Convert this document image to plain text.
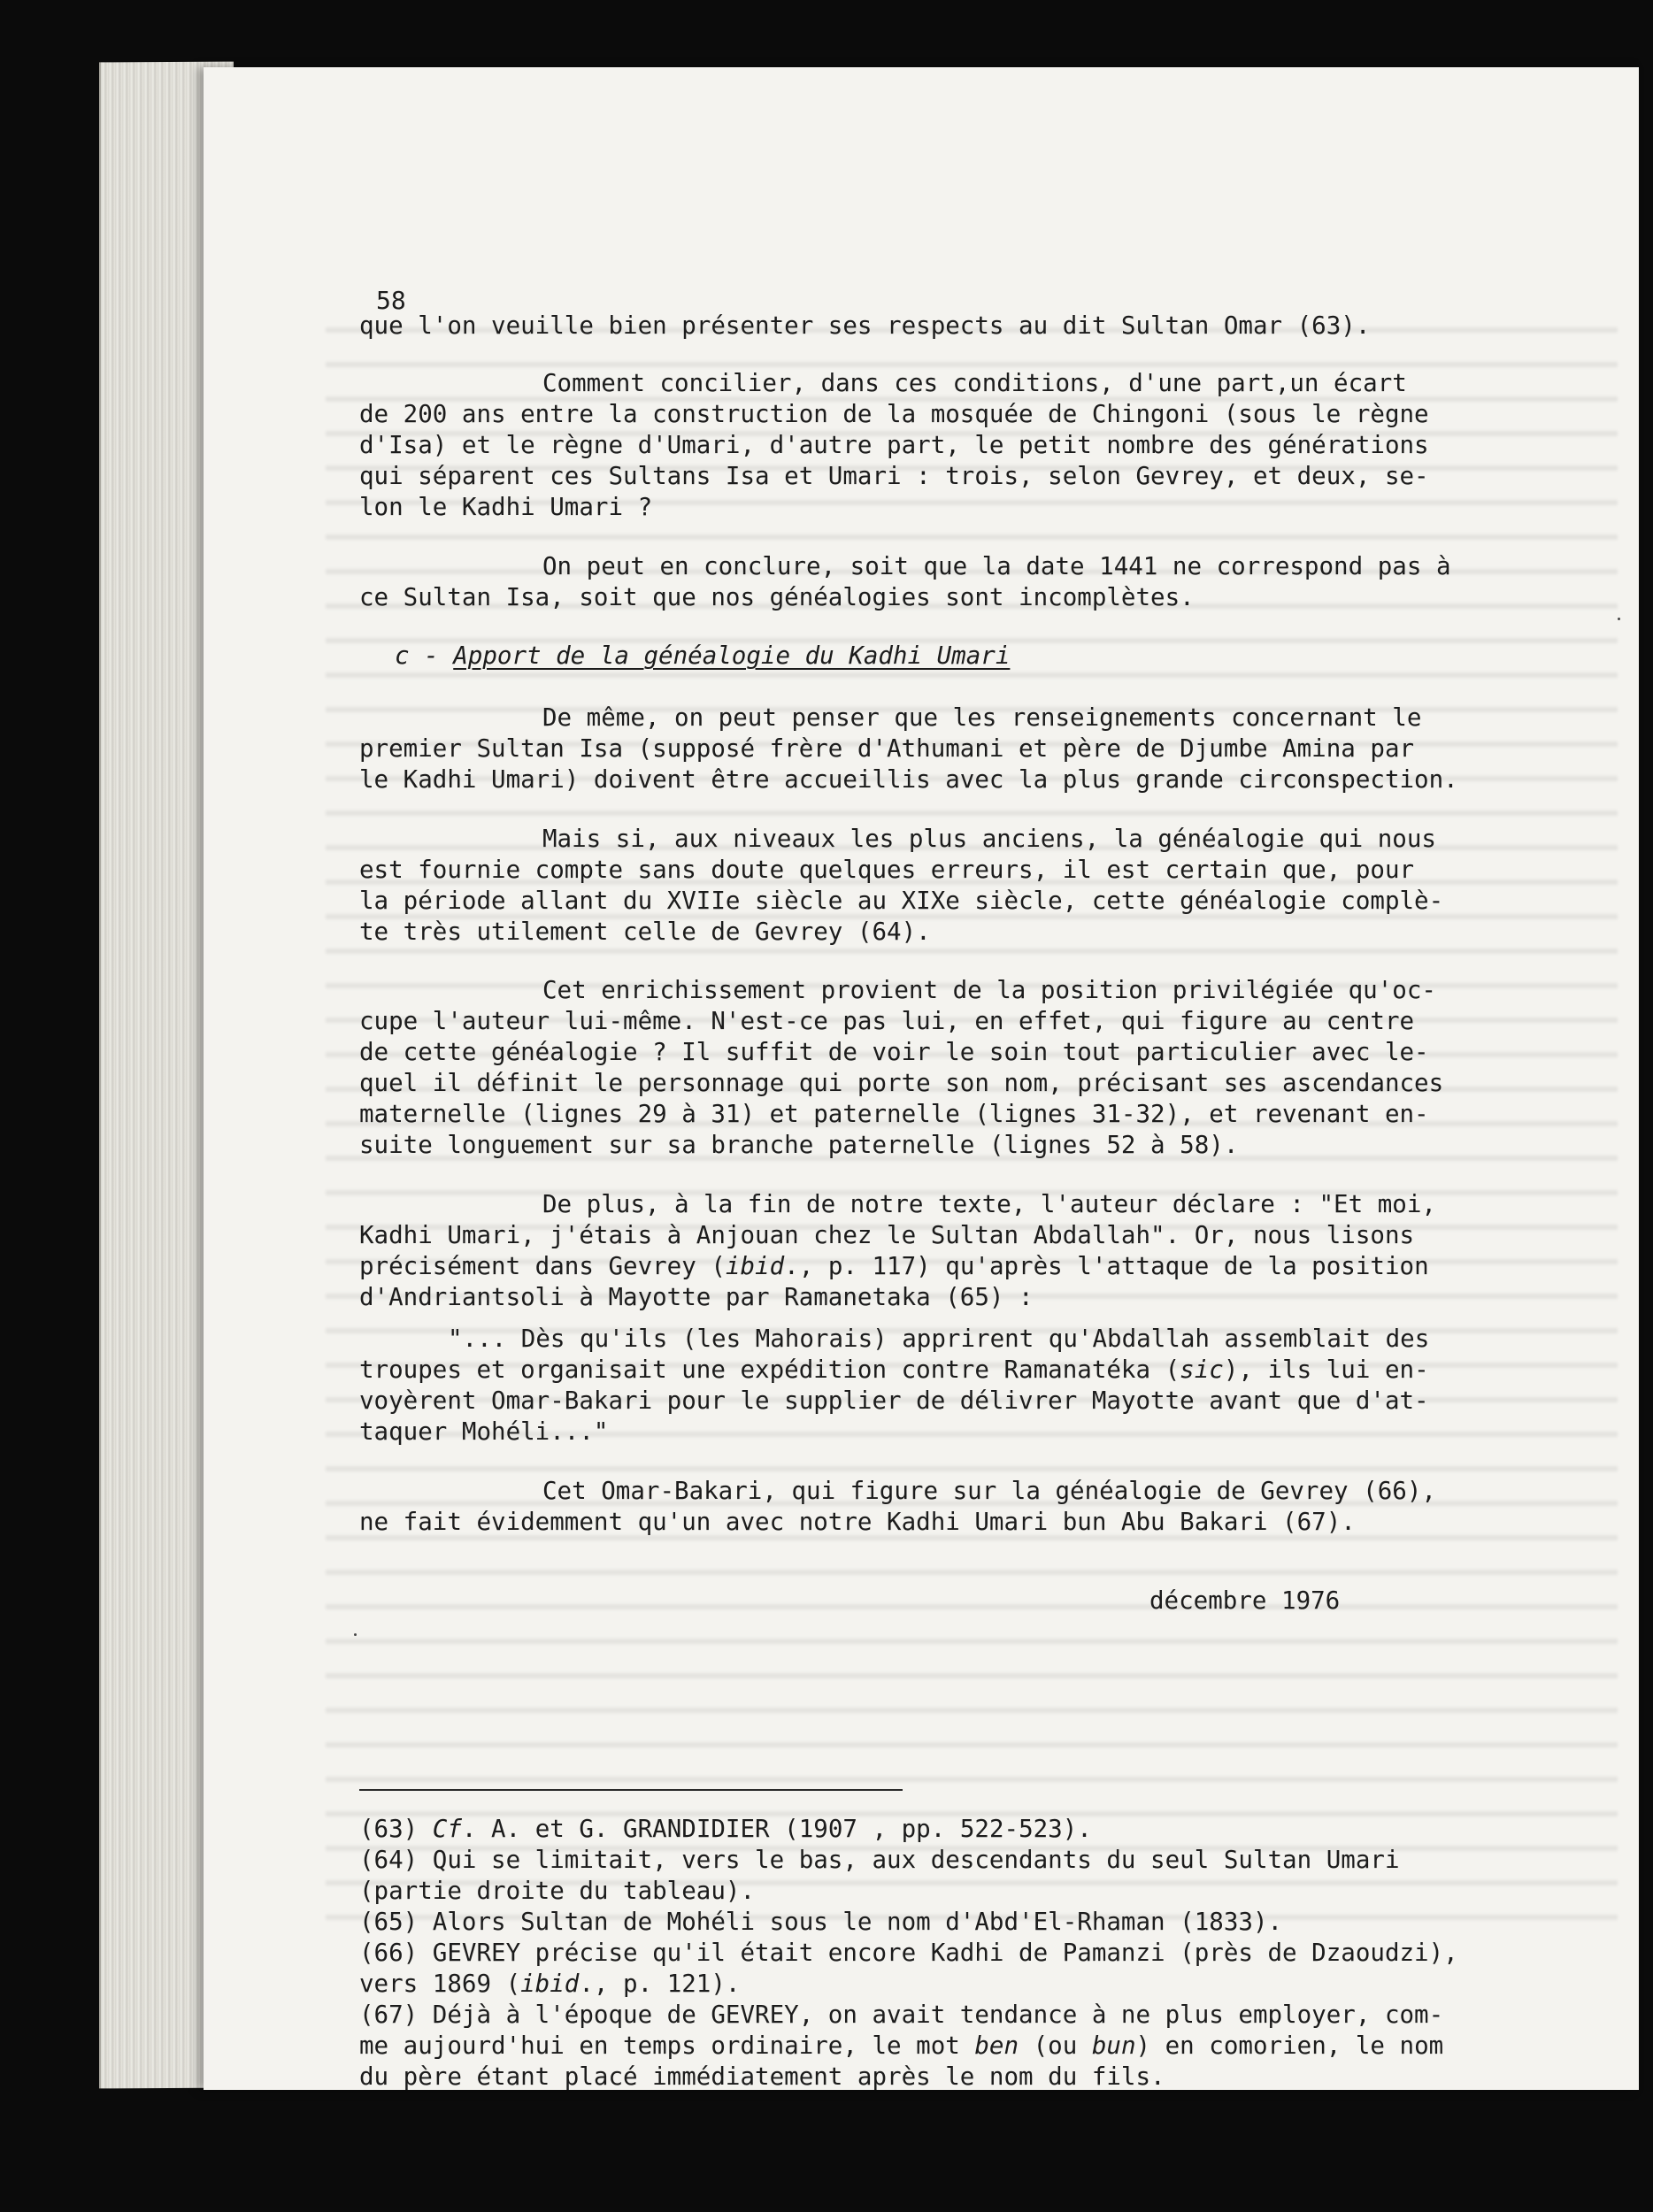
58
que l'on veuille bien présenter ses respects au dit Sultan Omar (63).
Comment concilier, dans ces conditions, d'une part,un écart
de 200 ans entre la construction de la mosquée de Chingoni (sous le règne
d'Isa) et le règne d'Umari, d'autre part, le petit nombre des générations
qui séparent ces Sultans Isa et Umari : trois, selon Gevrey, et deux, se-
lon le Kadhi Umari ?
On peut en conclure, soit que la date 1441 ne correspond pas à
ce Sultan Isa, soit que nos généalogies sont incomplètes.
c - Apport de la généalogie du Kadhi Umari
De même, on peut penser que les renseignements concernant le
premier Sultan Isa (supposé frère d'Athumani et père de Djumbe Amina par
le Kadhi Umari) doivent être accueillis avec la plus grande circonspection.
Mais si, aux niveaux les plus anciens, la généalogie qui nous
est fournie compte sans doute quelques erreurs, il est certain que, pour
la période allant du XVIIe siècle au XIXe siècle, cette généalogie complè-
te très utilement celle de Gevrey (64).
Cet enrichissement provient de la position privilégiée qu'oc-
cupe l'auteur lui-même. N'est-ce pas lui, en effet, qui figure au centre
de cette généalogie ? Il suffit de voir le soin tout particulier avec le-
quel il définit le personnage qui porte son nom, précisant ses ascendances
maternelle (lignes 29 à 31) et paternelle (lignes 31-32), et revenant en-
suite longuement sur sa branche paternelle (lignes 52 à 58).
De plus, à la fin de notre texte, l'auteur déclare : "Et moi,
Kadhi Umari, j'étais à Anjouan chez le Sultan Abdallah". Or, nous lisons
précisément dans Gevrey (ibid., p. 117) qu'après l'attaque de la position
d'Andriantsoli à Mayotte par Ramanetaka (65) :
"... Dès qu'ils (les Mahorais) apprirent qu'Abdallah assemblait des
troupes et organisait une expédition contre Ramanatéka (sic), ils lui en-
voyèrent Omar-Bakari pour le supplier de délivrer Mayotte avant que d'at-
taquer Mohéli..."
Cet Omar-Bakari, qui figure sur la généalogie de Gevrey (66),
ne fait évidemment qu'un avec notre Kadhi Umari bun Abu Bakari (67).
décembre 1976
(63) Cf. A. et G. GRANDIDIER (1907 , pp. 522-523).
(64) Qui se limitait, vers le bas, aux descendants du seul Sultan Umari
(partie droite du tableau).
(65) Alors Sultan de Mohéli sous le nom d'Abd'El-Rhaman (1833).
(66) GEVREY précise qu'il était encore Kadhi de Pamanzi (près de Dzaoudzi),
vers 1869 (ibid., p. 121).
(67) Déjà à l'époque de GEVREY, on avait tendance à ne plus employer, com-
me aujourd'hui en temps ordinaire, le mot ben (ou bun) en comorien, le nom
du père étant placé immédiatement après le nom du fils.
